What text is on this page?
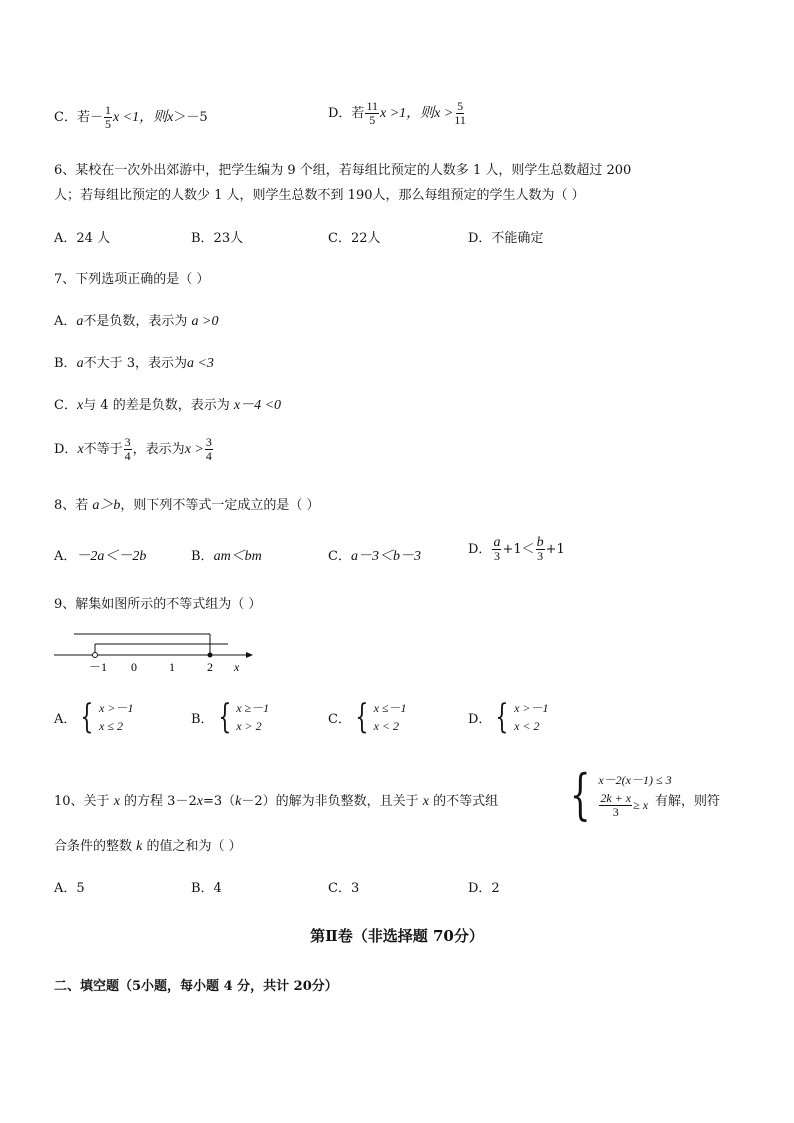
C．若－ $\frac{1}{5}$ x <1，则x＞－5	D．若 $\frac{11}{5}$ x >1，则$x > \frac{5}{11}$
6、某校在一次外出郊游中，把学生编为 9 个组，若每组比预定的人数多 1 人，则学生总数超过 200
人；若每组比预定的人数少 1 人，则学生总数不到 190人，那么每组预定的学生人数为（ ）
A．24 人	B．23人	C．22人	D．不能确定
7、下列选项正确的是（ ）
A．a不是负数，表示为 a >0
B．a不大于 3，表示为a <3
C．x与 4 的差是负数，表示为 x－4 <0
D．x不等于 $\frac{3}{4}$ ，表示为$x > \frac{3}{4}$
8、若 a＞b，则下列不等式一定成立的是（ ）
A．－2a＜－2b	B．am＜bm	C．a－3＜b－3	D． $\frac{a}{3} +1< \frac{b}{3} +1$
9、解集如图所示的不等式组为（ ）
－1 0	1	2 x
A． { x >－1
x ≤ 2	B． { x ≥－1
x > 2	C． { x ≤－1
x < 2	D． { x >－1
x < 2
10、关于 x 的方程 3－2x=3（k－2）的解为非负整数，且关于 x 的不等式组 { x－2(x－1) ≤ 3
$\frac{2k + x}{3} \ge x$ 有解，则符
合条件的整数 k 的值之和为（ ）
A．5	B．4	C．3	D．2
第Ⅱ卷（非选择题 70分）
二、填空题（5小题，每小题 4 分，共计 20分）
